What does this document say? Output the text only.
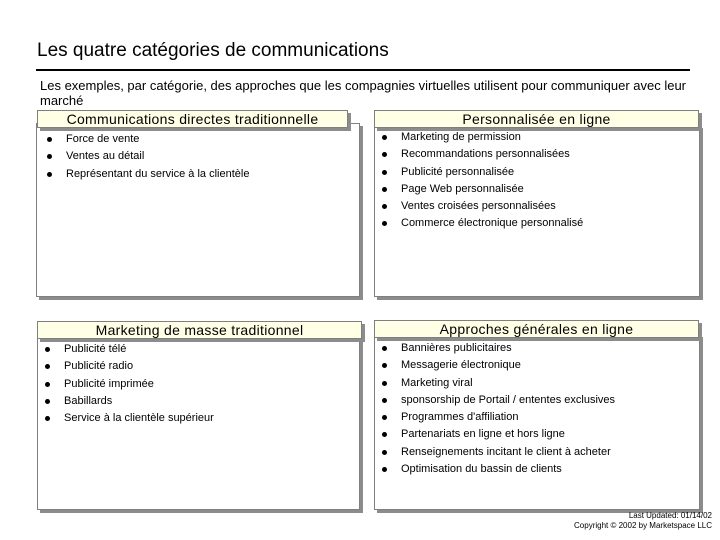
Les quatre catégories de communications
Les exemples, par catégorie, des approches que les compagnies virtuelles utilisent pour communiquer avec leur marché
Communications directes traditionnelle
Force de vente
Ventes au détail
Représentant du service à la clientèle
Personnalisée en ligne
Marketing de permission
Recommandations personnalisées
Publicité personnalisée
Page Web personnalisée
Ventes croisées personnalisées
Commerce électronique personnalisé
Marketing de masse traditionnel
Publicité télé
Publicité radio
Publicité imprimée
Babillards
Service à la clientèle supérieur
Approches générales en ligne
Bannières publicitaires
Messagerie électronique
Marketing viral
sponsorship de Portail / ententes exclusives
Programmes d'affiliation
Partenariats en ligne et hors ligne
Renseignements incitant le client à acheter
Optimisation du bassin de clients
Last Updated: 01/14/02
Copyright © 2002 by Marketspace LLC
